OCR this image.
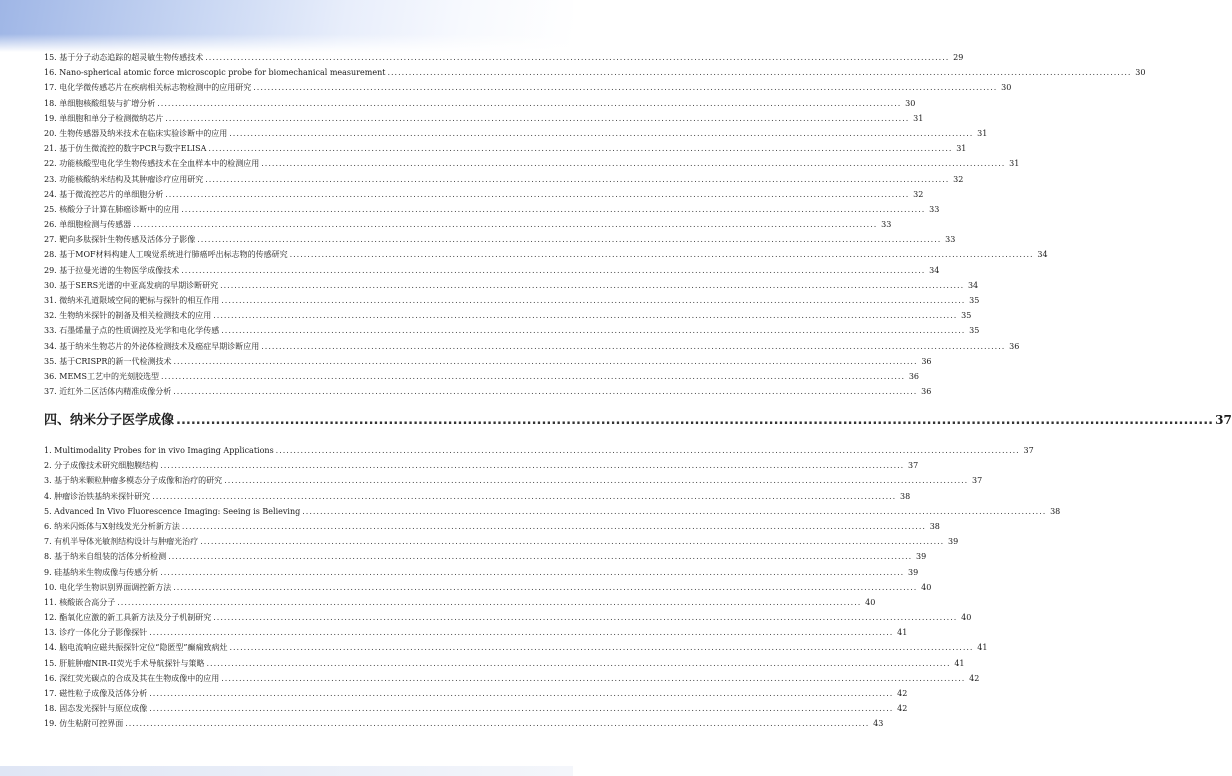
15. 基于分子动态追踪的超灵敏生物传感技术 .....	29
16. Nano-spherical atomic force microscopic probe for biomechanical measurement .....	30
17. 电化学微传感芯片在疾病相关标志物检测中的应用研究 .....	30
18. 单细胞核酸组装与扩增分析 .....	30
19. 单细胞和单分子检测微纳芯片 .....	31
20. 生物传感器及纳米技术在临床实验诊断中的应用 .....	31
21. 基于仿生微流控的数字PCR与数字ELISA .....	31
22. 功能核酸型电化学生物传感技术在全血样本中的检测应用 .....	31
23. 功能核酸纳米结构及其肿瘤诊疗应用研究 .....	32
24. 基于微流控芯片的单细胞分析 .....	32
25. 核酸分子计算在肺癌诊断中的应用 .....	33
26. 单细胞检测与传感器 .....	33
27. 靶向多肽探针生物传感及活体分子影像 .....	33
28. 基于MOF材料构建人工嗅觉系统进行肺癌呼出标志物的传感研究 .....	34
29. 基于拉曼光谱的生物医学成像技术 .....	34
30. 基于SERS光谱的中亚高发病的早期诊断研究 .....	34
31. 微纳米孔道限域空间的靶标与探针的相互作用 .....	35
32. 生物纳米探针的制备及相关检测技术的应用 .....	35
33. 石墨烯量子点的性质调控及光学和电化学传感 .....	35
34. 基于纳米生物芯片的外泌体检测技术及癌症早期诊断应用 .....	36
35. 基于CRISPR的新一代检测技术 .....	36
36. MEMS工艺中的光刻胶选型 .....	36
37. 近红外二区活体内精准成像分析 .....	36
四、纳米分子医学成像 .....	37
1. Multimodality Probes for in vivo Imaging Applications .....	37
2. 分子成像技术研究细胞膜结构 .....	37
3. 基于纳米颗粒肿瘤多模态分子成像和治疗的研究 .....	37
4. 肿瘤诊治铁基纳米探针研究 .....	38
5. Advanced In Vivo Fluorescence Imaging: Seeing is Believing .....	38
6. 纳米闪烁体与X射线发光分析新方法 .....	38
7. 有机半导体光敏剂结构设计与肿瘤光治疗 .....	39
8. 基于纳米自组装的活体分析检测 .....	39
9. 硅基纳米生物成像与传感分析 .....	39
10. 电化学生物识别界面调控新方法 .....	40
11. 核酸嵌合高分子 .....	40
12. 酯氧化应激的新工具新方法及分子机制研究 .....	40
13. 诊疗一体化分子影像探针 .....	41
14. 脑电流响应磁共振探针定位“隐匿型”癫痫致病灶 .....	41
15. 肝脏肿瘤NIR-II荧光手术导航探针与策略 .....	41
16. 深红荧光碳点的合成及其在生物成像中的应用 .....	42
17. 磁性粒子成像及活体分析 .....	42
18. 固态发光探针与原位成像 .....	42
19. 仿生粘附可控界面 .....	43
